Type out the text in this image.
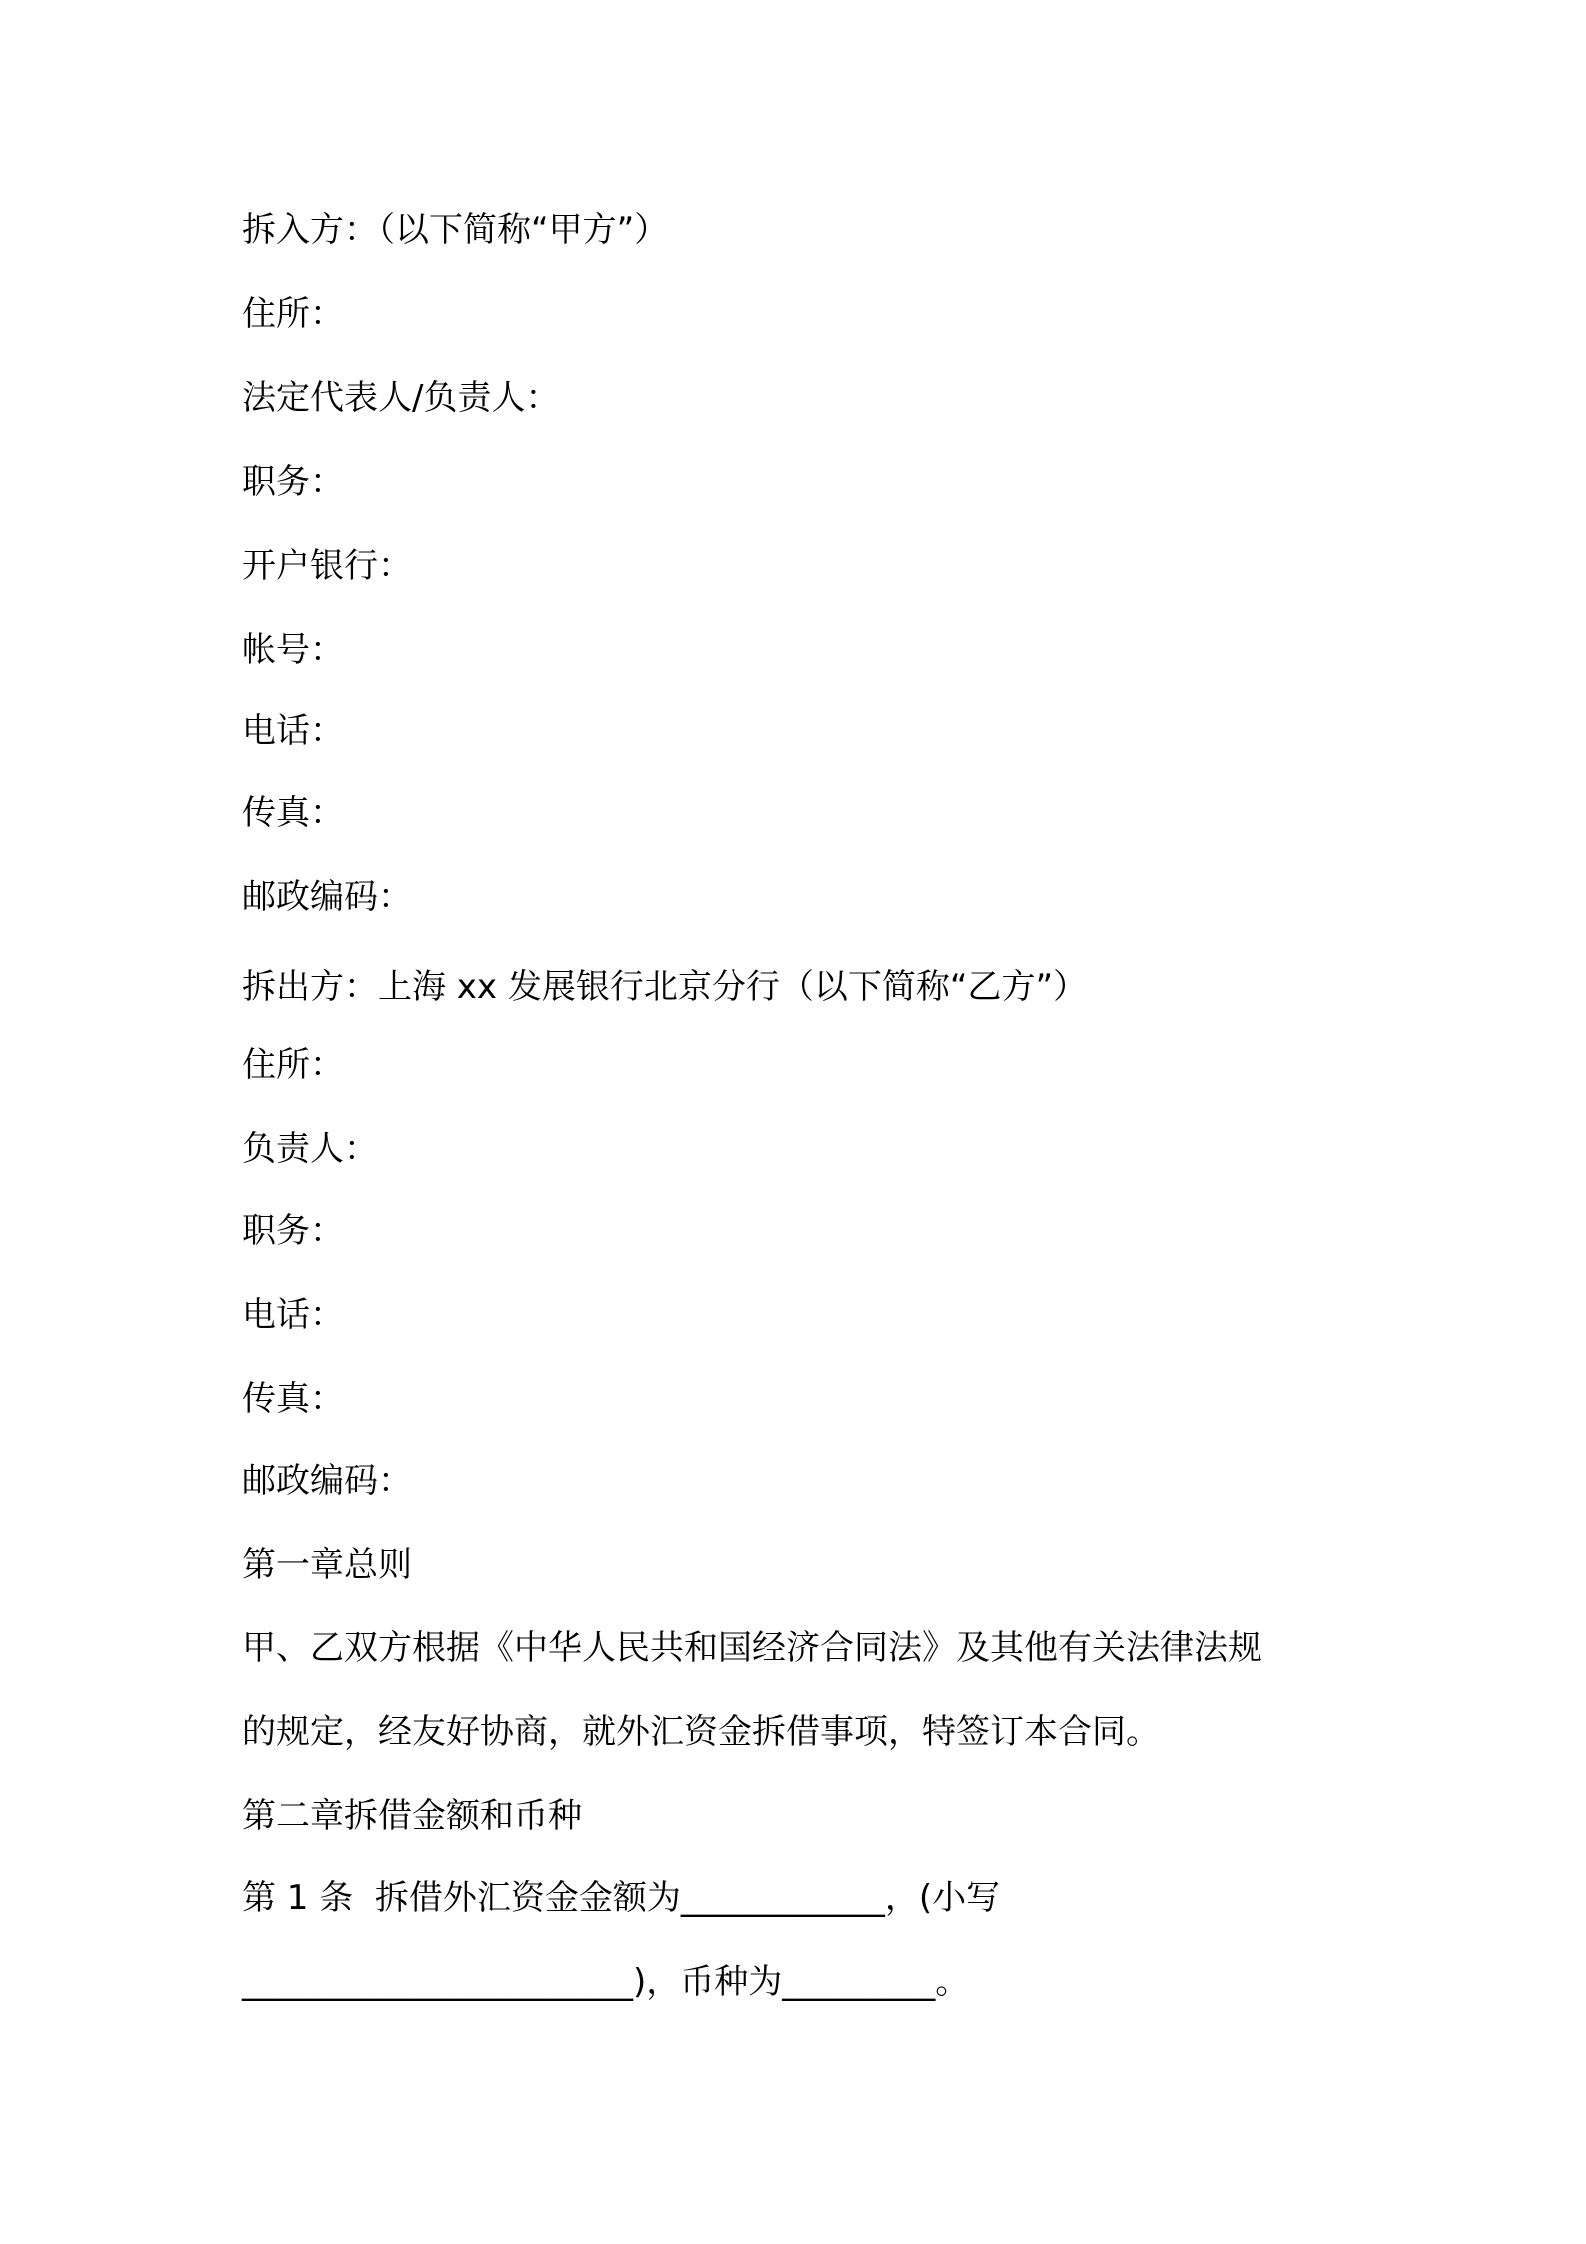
拆入方：（以下简称“甲方”）
住所：
法定代表人/负责人：
职务：
开户银行：
帐号：
电话：
传真：
邮政编码：
拆出方：上海 xx 发展银行北京分行（以下简称“乙方”）
住所：
负责人：
职务：
电话：
传真：
邮政编码：
第一章总则
甲、乙双方根据《中华人民共和国经济合同法》及其他有关法律法规
的规定，经友好协商，就外汇资金拆借事项，特签订本合同。
第二章拆借金额和币种
第 1 条  拆借外汇资金金额为____________，(小写
_______________________)，币种为_________。
